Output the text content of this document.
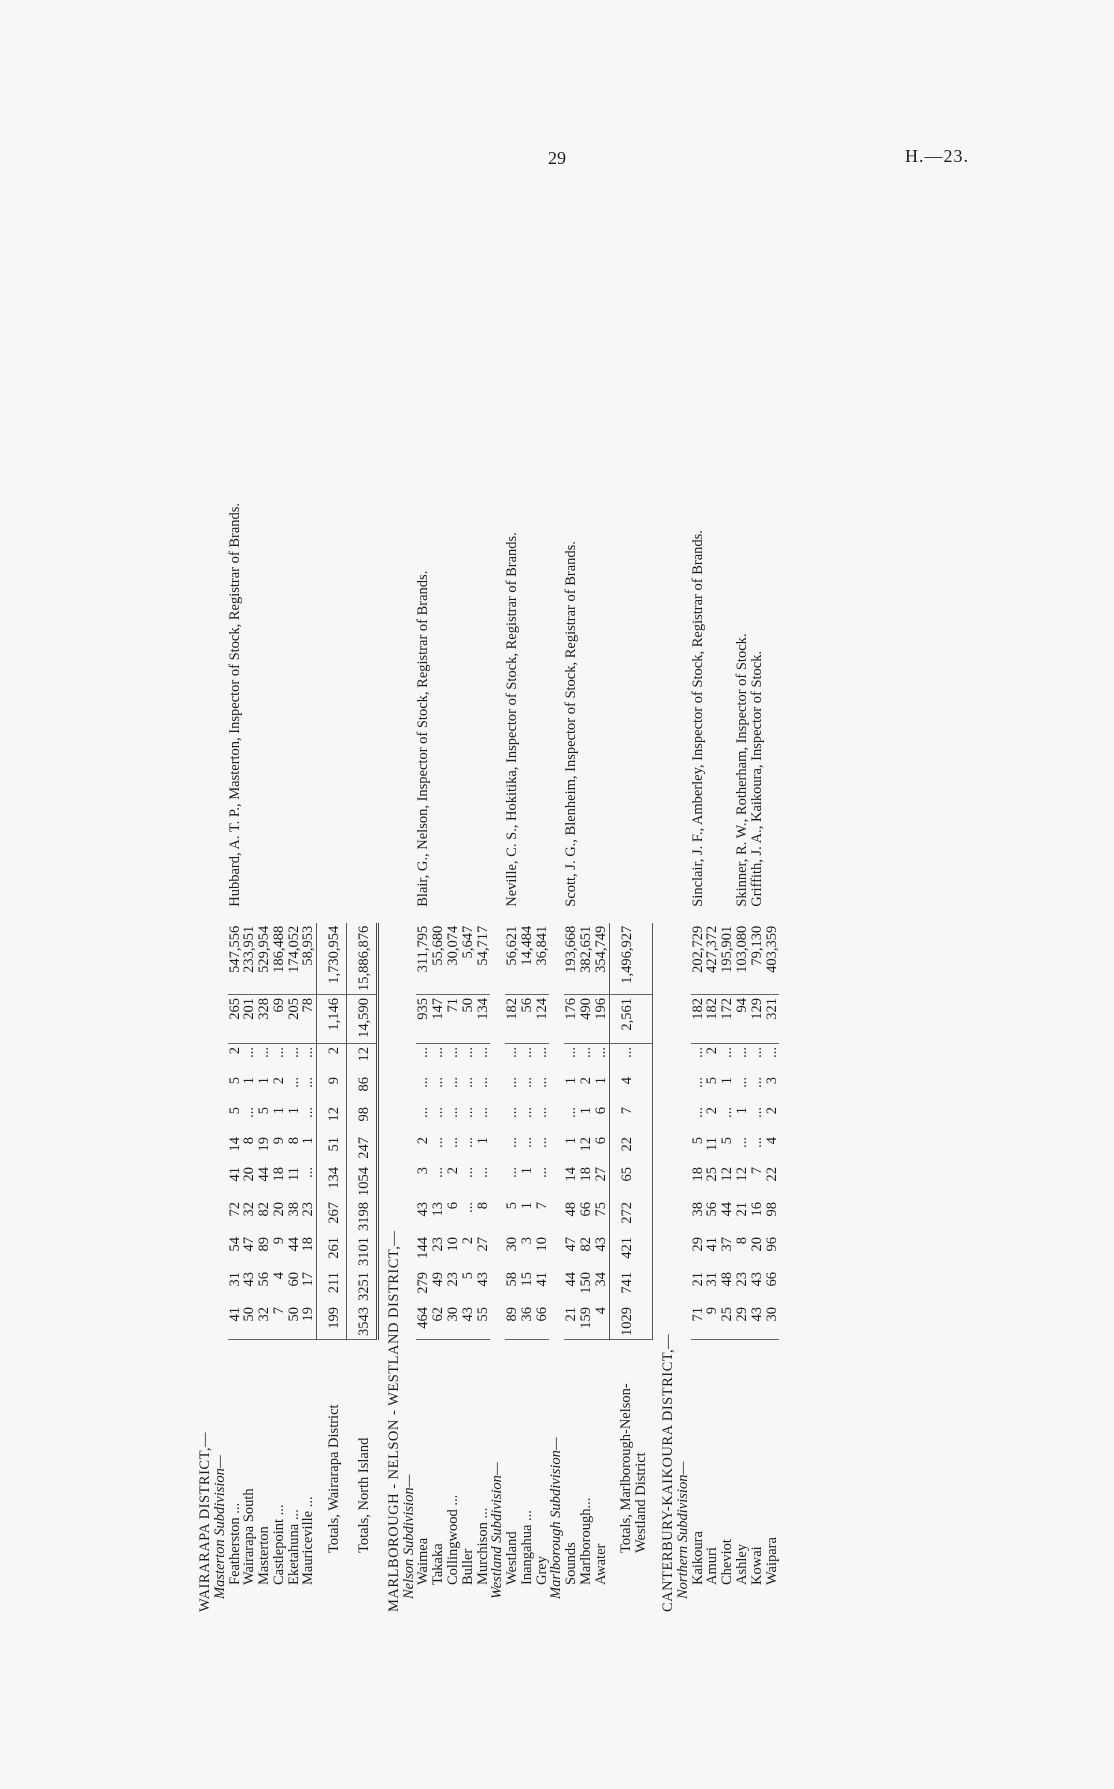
29	H.—23.
WAIRARAPA DISTRICT,—												
Masterton Subdivision—												
Featherston ...	41	31	54	72	41	14	5	5	2	265	547,556	Hubbard, A. T. P., Masterton, Inspector of Stock, Registrar of Brands.
Wairarapa South	50	43	47	32	20	8	...	1	...	201	233,951	
Masterton	32	56	89	82	44	19	5	1	...	328	529,954	
Castlepoint ...	7	4	9	20	18	9	1	2	...	69	186,488	
Eketahuna ...	50	60	44	38	11	8	1	...	...	205	174,052	
Mauriceville ...	19	17	18	23	...	1	...	...	...	78	58,953	
Totals, Wairarapa District	199	211	261	267	134	51	12	9	2	1,146	1,730,954	
Totals, North Island	3543	3251	3101	3198	1054	247	98	86	12	14,590	15,886,876	
MARLBOROUGH - NELSON - WESTLAND DISTRICT,—												
Nelson Subdivision—												
Waimea	464	279	144	43	3	2	...	...	...	935	311,795	Blair, G., Nelson, Inspector of Stock, Registrar of Brands.
Takaka	62	49	23	13	...	...	...	...	...	147	55,680	
Collingwood ...	30	23	10	6	2	...	...	...	...	71	30,074	
Buller	43	5	2	...	...	...	...	...	...	50	5,647	
Murchison ...	55	43	27	8	...	1	...	...	...	134	54,717	
Westland Subdivision—												
Westland	89	58	30	5	...	...	...	...	...	182	56,621	Neville, C. S., Hokitika, Inspector of Stock, Registrar of Brands.
Inangahua ...	36	15	3	1	1	...	...	...	...	56	14,484	
Grey	66	41	10	7	...	...	...	...	...	124	36,841	
Marlborough Subdivision—												
Sounds	21	44	47	48	14	1	...	1	...	176	193,668	Scott, J. G., Blenheim, Inspector of Stock, Registrar of Brands.
Marlborough...	159	150	82	66	18	12	1	2	...	490	382,651	
Awater	4	34	43	75	27	6	6	1	...	196	354,749	
Totals, Marlborough-Nelson-Westland District	1029	741	421	272	65	22	7	4	...	2,561	1,496,927	
CANTERBURY-KAIKOURA DISTRICT,—												
Northern Subdivision—												
Kaikoura	71	21	29	38	18	5	...	...	...	182	202,729	Sinclair, J. F., Amberley, Inspector of Stock, Registrar of Brands.
Amuri	9	31	41	56	25	11	2	5	2	182	427,372	
Cheviot	25	48	37	44	12	5	...	1	...	172	195,901	
Ashley	29	23	8	21	12	...	1	...	...	94	103,080	Skinner, R. W., Rotherham, Inspector of Stock.
Kowai	43	43	20	16	7	...	...	...	...	129	79,130	Griffith, J. A., Kaikoura, Inspector of Stock.
Waipara	30	66	96	98	22	4	2	3	...	321	403,359	
